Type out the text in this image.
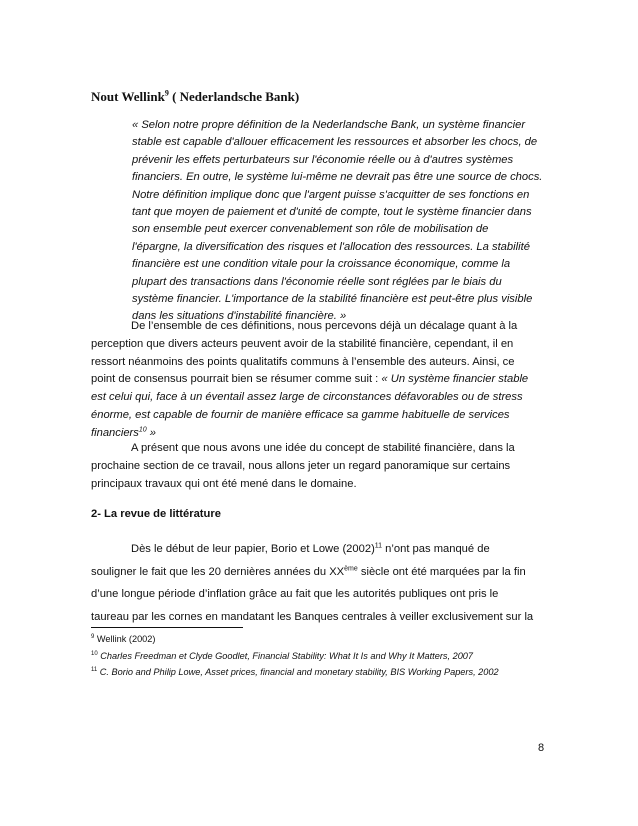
Nout Wellink$^9$ ( Nederlandsche Bank)
« Selon notre propre définition de la Nederlandsche Bank, un système financier
stable est capable d'allouer efficacement les ressources et absorber les chocs, de
prévenir les effets perturbateurs sur l'économie réelle ou à d'autres systèmes
financiers. En outre, le système lui-même ne devrait pas être une source de chocs.
Notre définition implique donc que l'argent puisse s'acquitter de ses fonctions en
tant que moyen de paiement et d'unité de compte, tout le système financier dans
son ensemble peut exercer convenablement son rôle de mobilisation de
l'épargne, la diversification des risques et l'allocation des ressources. La stabilité
financière est une condition vitale pour la croissance économique, comme la
plupart des transactions dans l'économie réelle sont réglées par le biais du
système financier. L'importance de la stabilité financière est peut-être plus visible
dans les situations d'instabilité financière. »
De l’ensemble de ces définitions, nous percevons déjà un décalage quant à la
perception que divers acteurs peuvent avoir de la stabilité financière, cependant, il en
ressort néanmoins des points qualitatifs communs à l’ensemble des auteurs. Ainsi, ce
point de consensus pourrait bien se résumer comme suit : « Un système financier stable
est celui qui, face à un éventail assez large de circonstances défavorables ou de stress
énorme, est capable de fournir de manière efficace sa gamme habituelle de services
financiers$^{10}$ »
A présent que nous avons une idée du concept de stabilité financière, dans la
prochaine section de ce travail, nous allons jeter un regard panoramique sur certains
principaux travaux qui ont été mené dans le domaine.
2- La revue de littérature
Dès le début de leur papier, Borio et Lowe $(2002)^{11}$ n’ont pas manqué de
souligner le fait que les 20 dernières années du XXème siècle ont été marquées par la fin
d’une longue période d’inflation grâce au fait que les autorités publiques ont pris le
taureau par les cornes en mandatant les Banques centrales à veiller exclusivement sur la
$^9$ Wellink (2002)
$^{10}$ Charles Freedman et Clyde Goodlet, Financial Stability: What It Is and Why It Matters, 2007
$^{11}$ C. Borio and Philip Lowe, Asset prices, financial and monetary stability, BIS Working Papers, 2002
8
